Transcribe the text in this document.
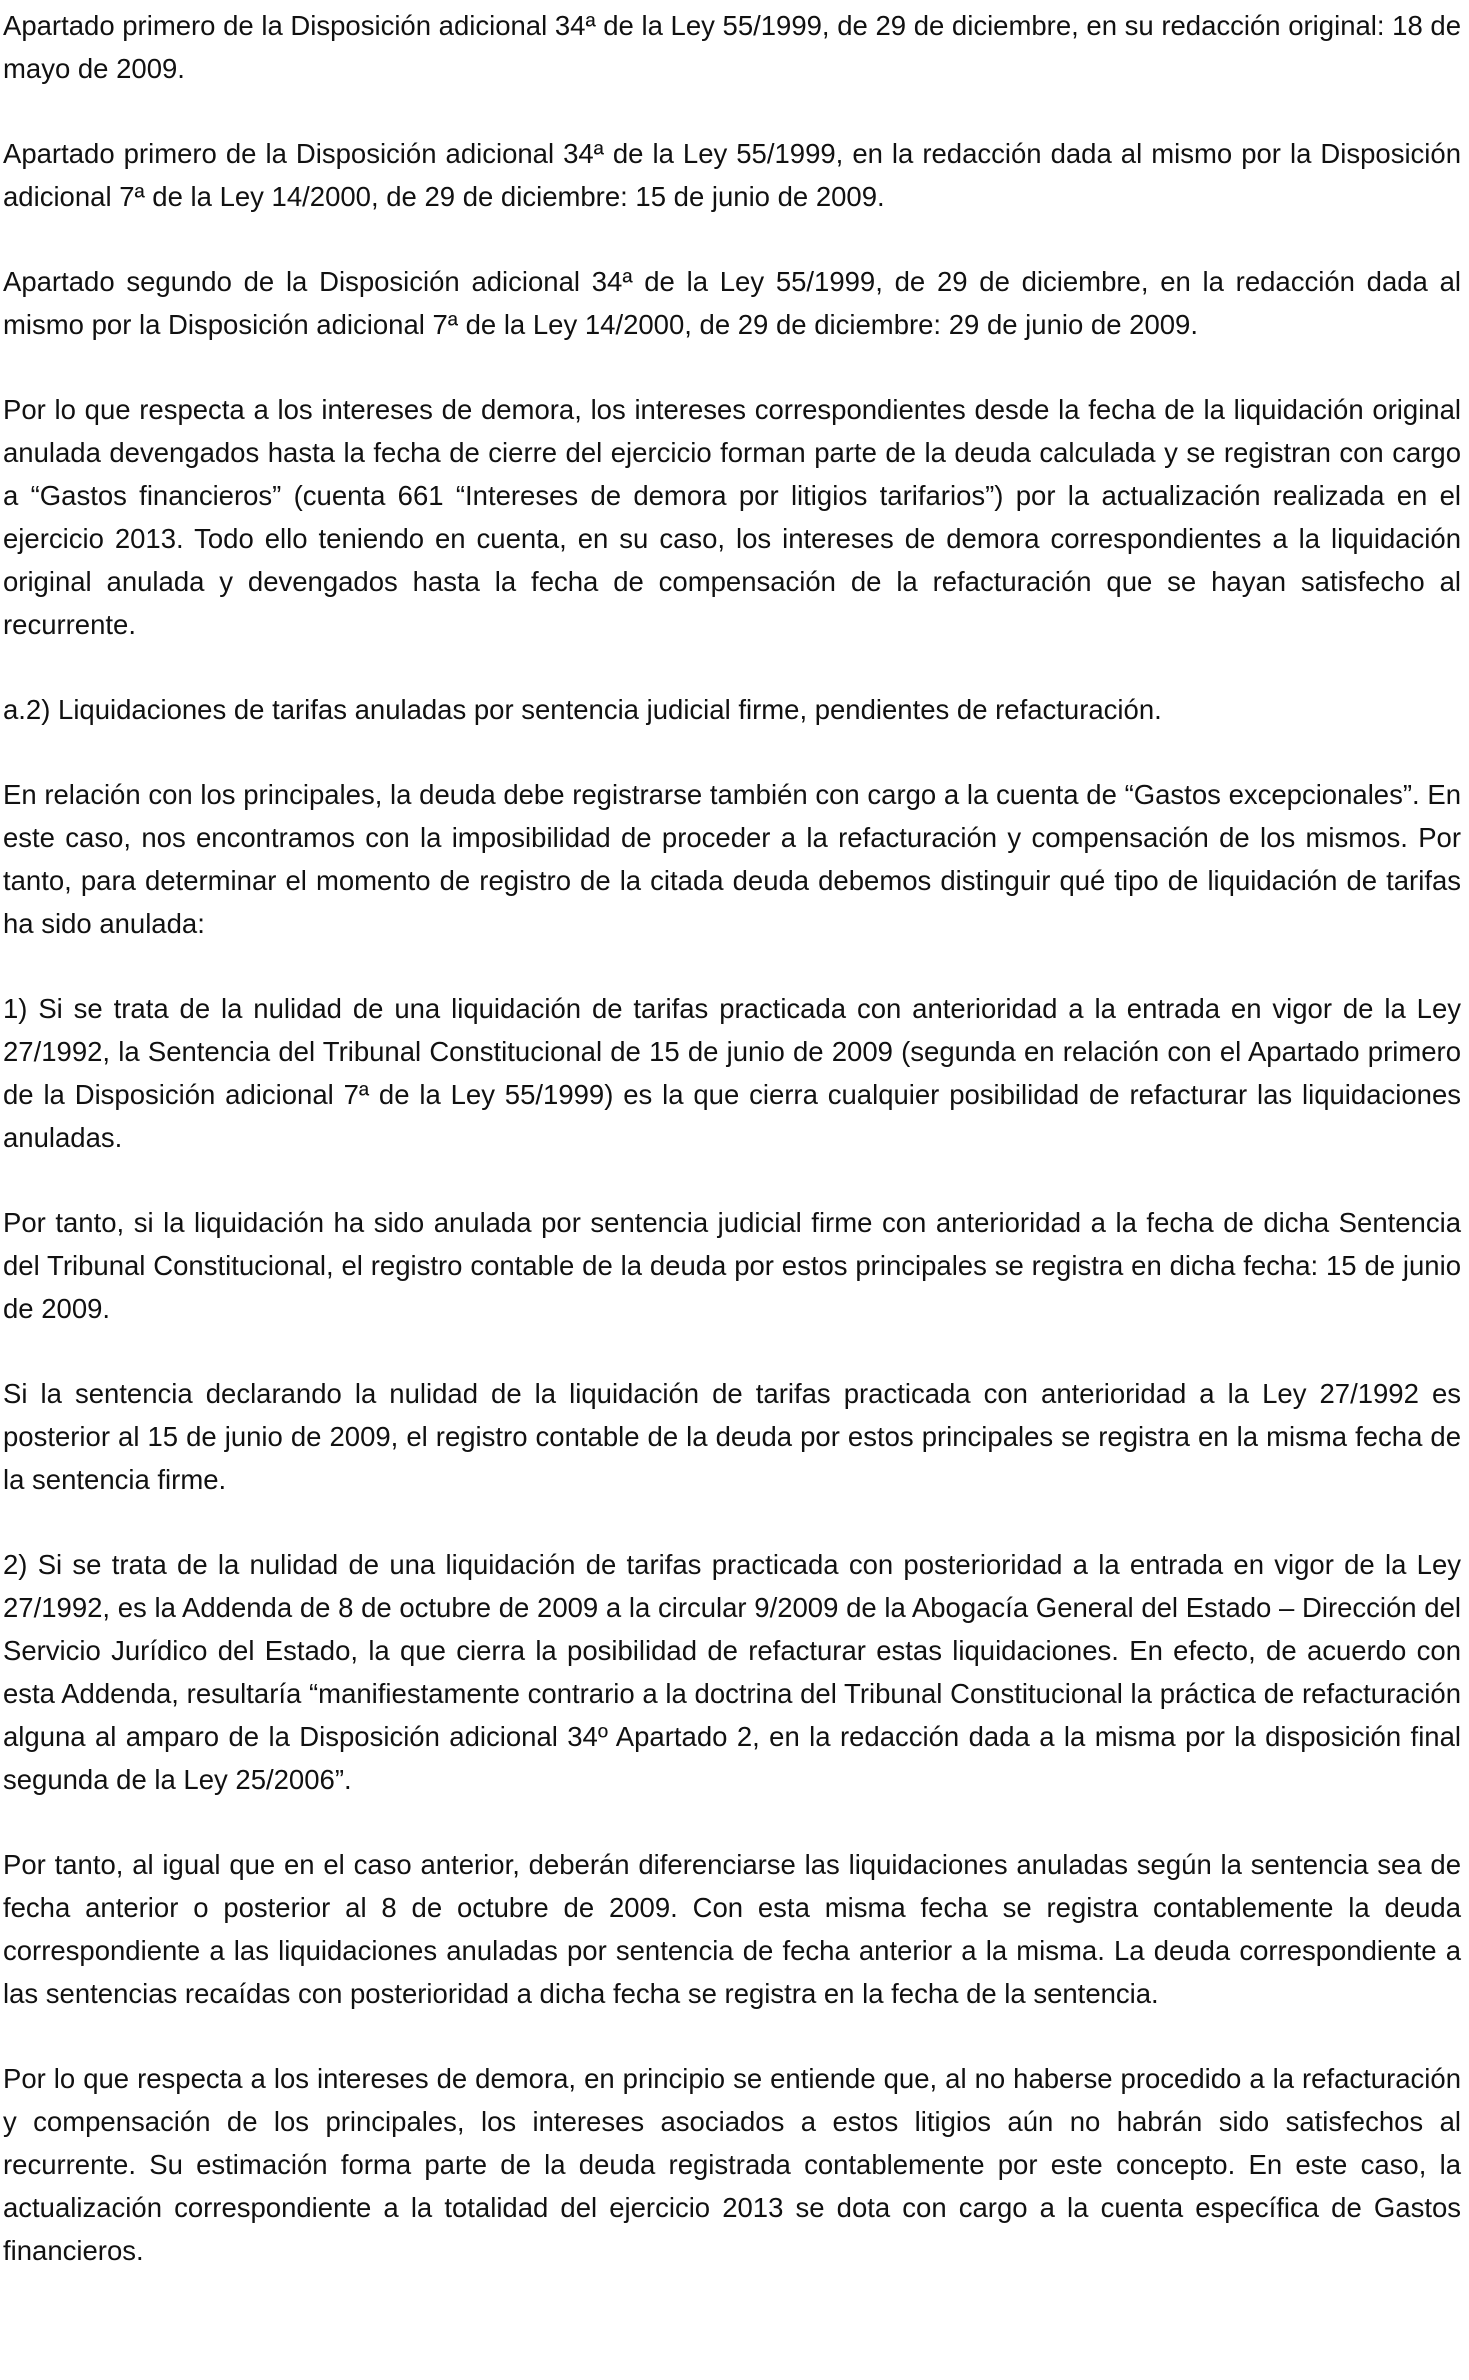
Apartado primero de la Disposición adicional 34ª de la Ley 55/1999, de 29 de diciembre, en su redacción original: 18 de mayo de 2009.

Apartado primero de la Disposición adicional 34ª de la Ley 55/1999, en la redacción dada al mismo por la Disposición adicional 7ª de la Ley 14/2000, de 29 de diciembre: 15 de junio de 2009.

Apartado segundo de la Disposición adicional 34ª de la Ley 55/1999, de 29 de diciembre, en la redacción dada al mismo por la Disposición adicional 7ª de la Ley 14/2000, de 29 de diciembre: 29 de junio de 2009.

Por lo que respecta a los intereses de demora, los intereses correspondientes desde la fecha de la liquidación original anulada devengados hasta la fecha de cierre del ejercicio forman parte de la deuda calculada y se registran con cargo a “Gastos financieros” (cuenta 661 “Intereses de demora por litigios tarifarios”) por la actualización realizada en el ejercicio 2013. Todo ello teniendo en cuenta, en su caso, los intereses de demora correspondientes a la liquidación original anulada y devengados hasta la fecha de compensación de la refacturación que se hayan satisfecho al recurrente.

a.2) Liquidaciones de tarifas anuladas por sentencia judicial firme, pendientes de refacturación.

En relación con los principales, la deuda debe registrarse también con cargo a la cuenta de “Gastos excepcionales”. En este caso, nos encontramos con la imposibilidad de proceder a la refacturación y compensación de los mismos. Por tanto, para determinar el momento de registro de la citada deuda debemos distinguir qué tipo de liquidación de tarifas ha sido anulada:

1) Si se trata de la nulidad de una liquidación de tarifas practicada con anterioridad a la entrada en vigor de la Ley 27/1992, la Sentencia del Tribunal Constitucional de 15 de junio de 2009 (segunda en relación con el Apartado primero de la Disposición adicional 7ª de la Ley 55/1999) es la que cierra cualquier posibilidad de refacturar las liquidaciones anuladas.

Por tanto, si la liquidación ha sido anulada por sentencia judicial firme con anterioridad a la fecha de dicha Sentencia del Tribunal Constitucional, el registro contable de la deuda por estos principales se registra en dicha fecha: 15 de junio de 2009.

Si la sentencia declarando la nulidad de la liquidación de tarifas practicada con anterioridad a la Ley 27/1992 es posterior al 15 de junio de 2009, el registro contable de la deuda por estos principales se registra en la misma fecha de la sentencia firme.

2) Si se trata de la nulidad de una liquidación de tarifas practicada con posterioridad a la entrada en vigor de la Ley 27/1992, es la Addenda de 8 de octubre de 2009 a la circular 9/2009 de la Abogacía General del Estado – Dirección del Servicio Jurídico del Estado, la que cierra la posibilidad de refacturar estas liquidaciones. En efecto, de acuerdo con esta Addenda, resultaría “manifiestamente contrario a la doctrina del Tribunal Constitucional la práctica de refacturación alguna al amparo de la Disposición adicional 34º Apartado 2, en la redacción dada a la misma por la disposición final segunda de la Ley 25/2006”.

Por tanto, al igual que en el caso anterior, deberán diferenciarse las liquidaciones anuladas según la sentencia sea de fecha anterior o posterior al 8 de octubre de 2009. Con esta misma fecha se registra contablemente la deuda correspondiente a las liquidaciones anuladas por sentencia de fecha anterior a la misma. La deuda correspondiente a las sentencias recaídas con posterioridad a dicha fecha se registra en la fecha de la sentencia.

Por lo que respecta a los intereses de demora, en principio se entiende que, al no haberse procedido a la refacturación y compensación de los principales, los intereses asociados a estos litigios aún no habrán sido satisfechos al recurrente. Su estimación forma parte de la deuda registrada contablemente por este concepto. En este caso, la actualización correspondiente a la totalidad del ejercicio 2013 se dota con cargo a la cuenta específica de Gastos financieros.
